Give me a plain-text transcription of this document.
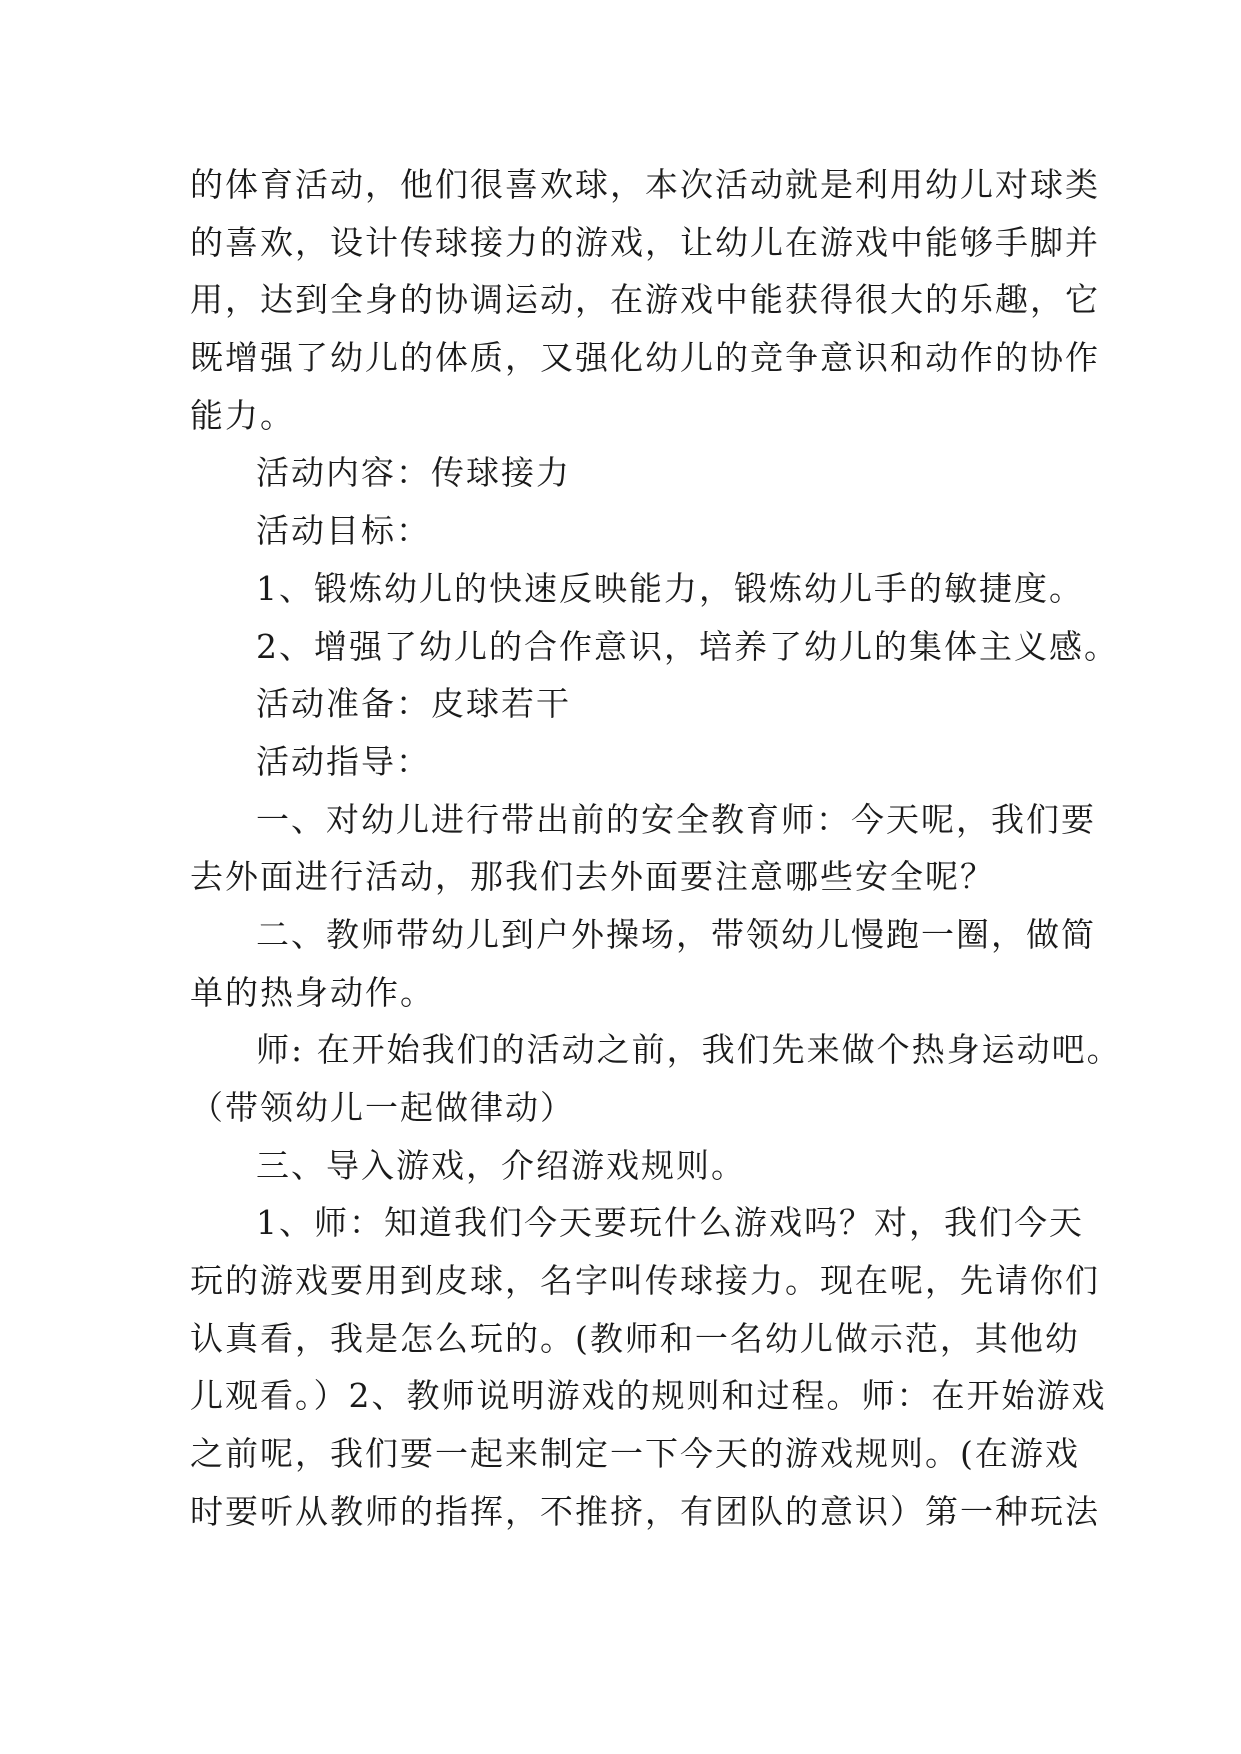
的体育活动，他们很喜欢球，本次活动就是利用幼儿对球类
的喜欢，设计传球接力的游戏，让幼儿在游戏中能够手脚并
用，达到全身的协调运动，在游戏中能获得很大的乐趣，它
既增强了幼儿的体质，又强化幼儿的竞争意识和动作的协作
能力。
活动内容：传球接力
活动目标：
1、锻炼幼儿的快速反映能力，锻炼幼儿手的敏捷度。
2、增强了幼儿的合作意识，培养了幼儿的集体主义感。
活动准备：皮球若干
活动指导：
一、对幼儿进行带出前的安全教育师：今天呢，我们要
去外面进行活动，那我们去外面要注意哪些安全呢？
二、教师带幼儿到户外操场，带领幼儿慢跑一圈，做简
单的热身动作。
师: 在开始我们的活动之前，我们先来做个热身运动吧。
（带领幼儿一起做律动）
三、导入游戏，介绍游戏规则。
1、师：知道我们今天要玩什么游戏吗？对，我们今天
玩的游戏要用到皮球，名字叫传球接力。现在呢，先请你们
认真看，我是怎么玩的。(教师和一名幼儿做示范，其他幼
儿观看。）2、教师说明游戏的规则和过程。师：在开始游戏
之前呢，我们要一起来制定一下今天的游戏规则。(在游戏
时要听从教师的指挥，不推挤，有团队的意识）第一种玩法
